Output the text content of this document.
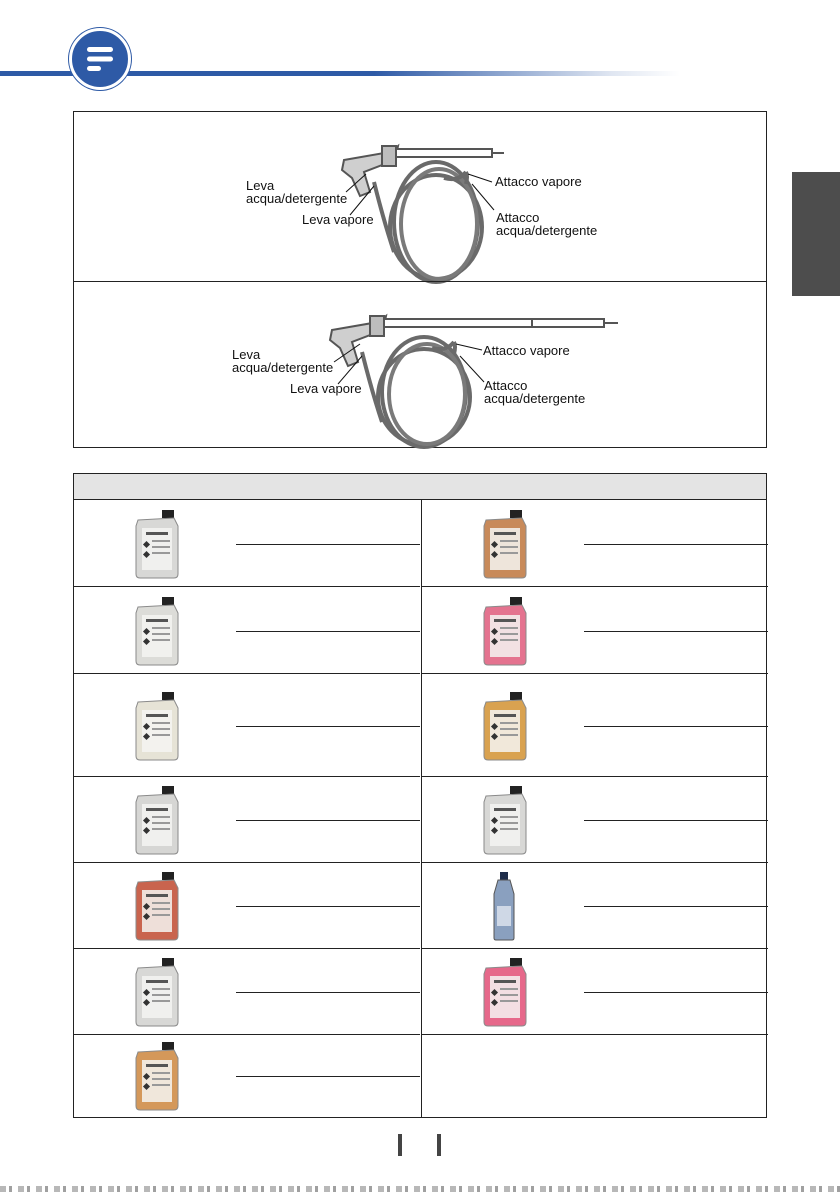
Leva
acqua/detergente
Leva vapore
Attacco vapore
Attacco
acqua/detergente
Leva
acqua/detergente
Leva vapore
Attacco vapore
Attacco
acqua/detergente
